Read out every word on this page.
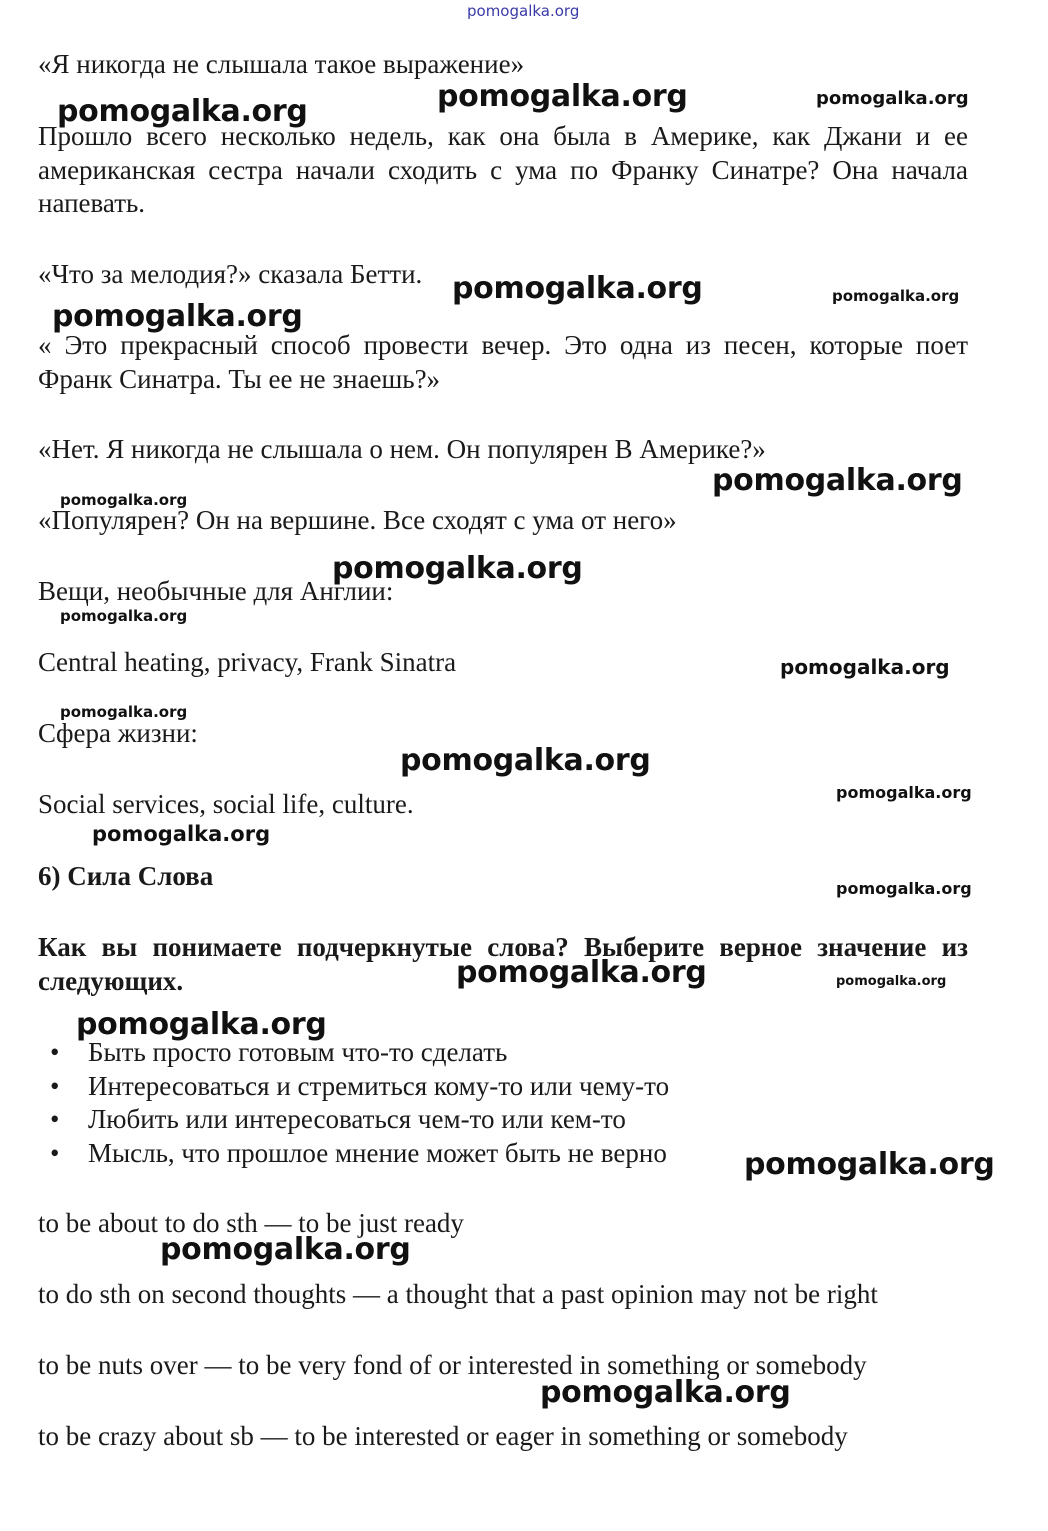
«Я никогда не слышала такое выражение»

Прошло всего несколько недель, как она была в Америке, как Джани и ее американская сестра начали сходить с ума по Франку Синатре? Она начала напевать.

«Что за мелодия?» сказала Бетти.

« Это прекрасный способ провести вечер. Это одна из песен, которые поет Франк Синатра. Ты ее не знаешь?»

«Нет. Я никогда не слышала о нем. Он популярен В Америке?»

«Популярен? Он на вершине. Все сходят с ума от него»

Вещи, необычные для Англии:

Central heating, privacy, Frank Sinatra

Сфера жизни:

Social services, social life, culture.

6) Сила Слова

Как вы понимаете подчеркнутые слова? Выберите верное значение из следующих.

• Быть просто готовым что-то сделать
• Интересоваться и стремиться кому-то или чему-то
• Любить или интересоваться чем-то или кем-то
• Мысль, что прошлое мнение может быть не верно

to be about to do sth — to be just ready

to do sth on second thoughts — a thought that a past opinion may not be right

to be nuts over — to be very fond of or interested in something or somebody

to be crazy about sb — to be interested or eager in something or somebody

pomogalka.org
pomogalka.org	pomogalka.org	pomogalka.org
pomogalka.org	pomogalka.org
pomogalka.org
pomogalka.org
pomogalka.org
pomogalka.org
pomogalka.org
pomogalka.org
pomogalka.org
pomogalka.org
pomogalka.org
pomogalka.org
pomogalka.org
pomogalka.org	pomogalka.org
pomogalka.org
pomogalka.org
pomogalka.org
pomogalka.org
